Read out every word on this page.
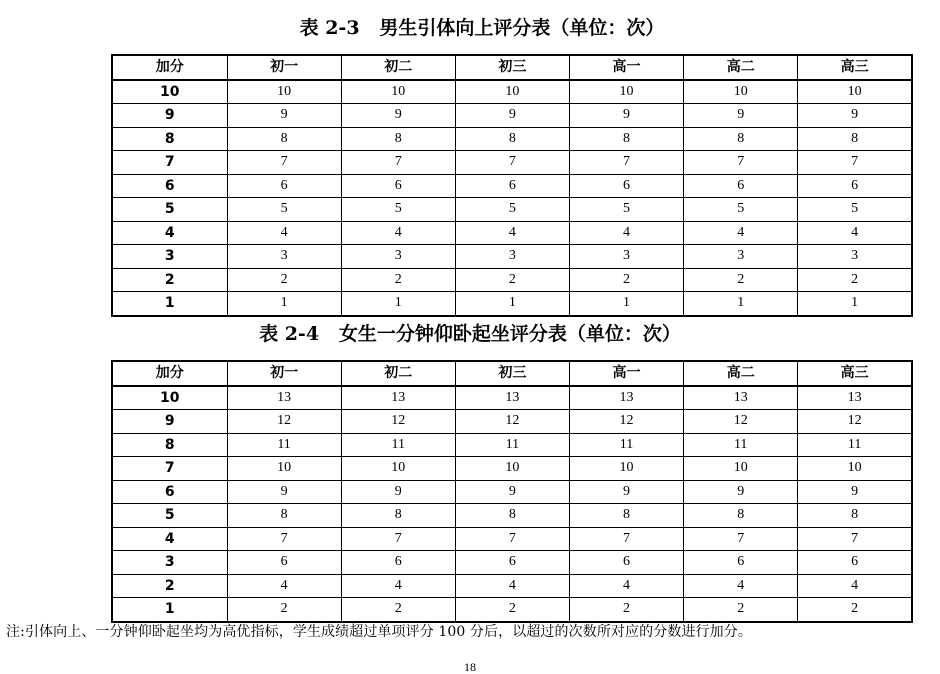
表 2-3   男生引体向上评分表（单位：次）
加分	初一	初二	初三	高一	高二	高三
10	10	10	10	10	10	10
9	9	9	9	9	9	9
8	8	8	8	8	8	8
7	7	7	7	7	7	7
6	6	6	6	6	6	6
5	5	5	5	5	5	5
4	4	4	4	4	4	4
3	3	3	3	3	3	3
2	2	2	2	2	2	2
1	1	1	1	1	1	1
表 2-4   女生一分钟仰卧起坐评分表（单位：次）
加分	初一	初二	初三	高一	高二	高三
10	13	13	13	13	13	13
9	12	12	12	12	12	12
8	11	11	11	11	11	11
7	10	10	10	10	10	10
6	9	9	9	9	9	9
5	8	8	8	8	8	8
4	7	7	7	7	7	7
3	6	6	6	6	6	6
2	4	4	4	4	4	4
1	2	2	2	2	2	2
注:引体向上、一分钟仰卧起坐均为高优指标，学生成绩超过单项评分 100 分后，以超过的次数所对应的分数进行加分。
18
